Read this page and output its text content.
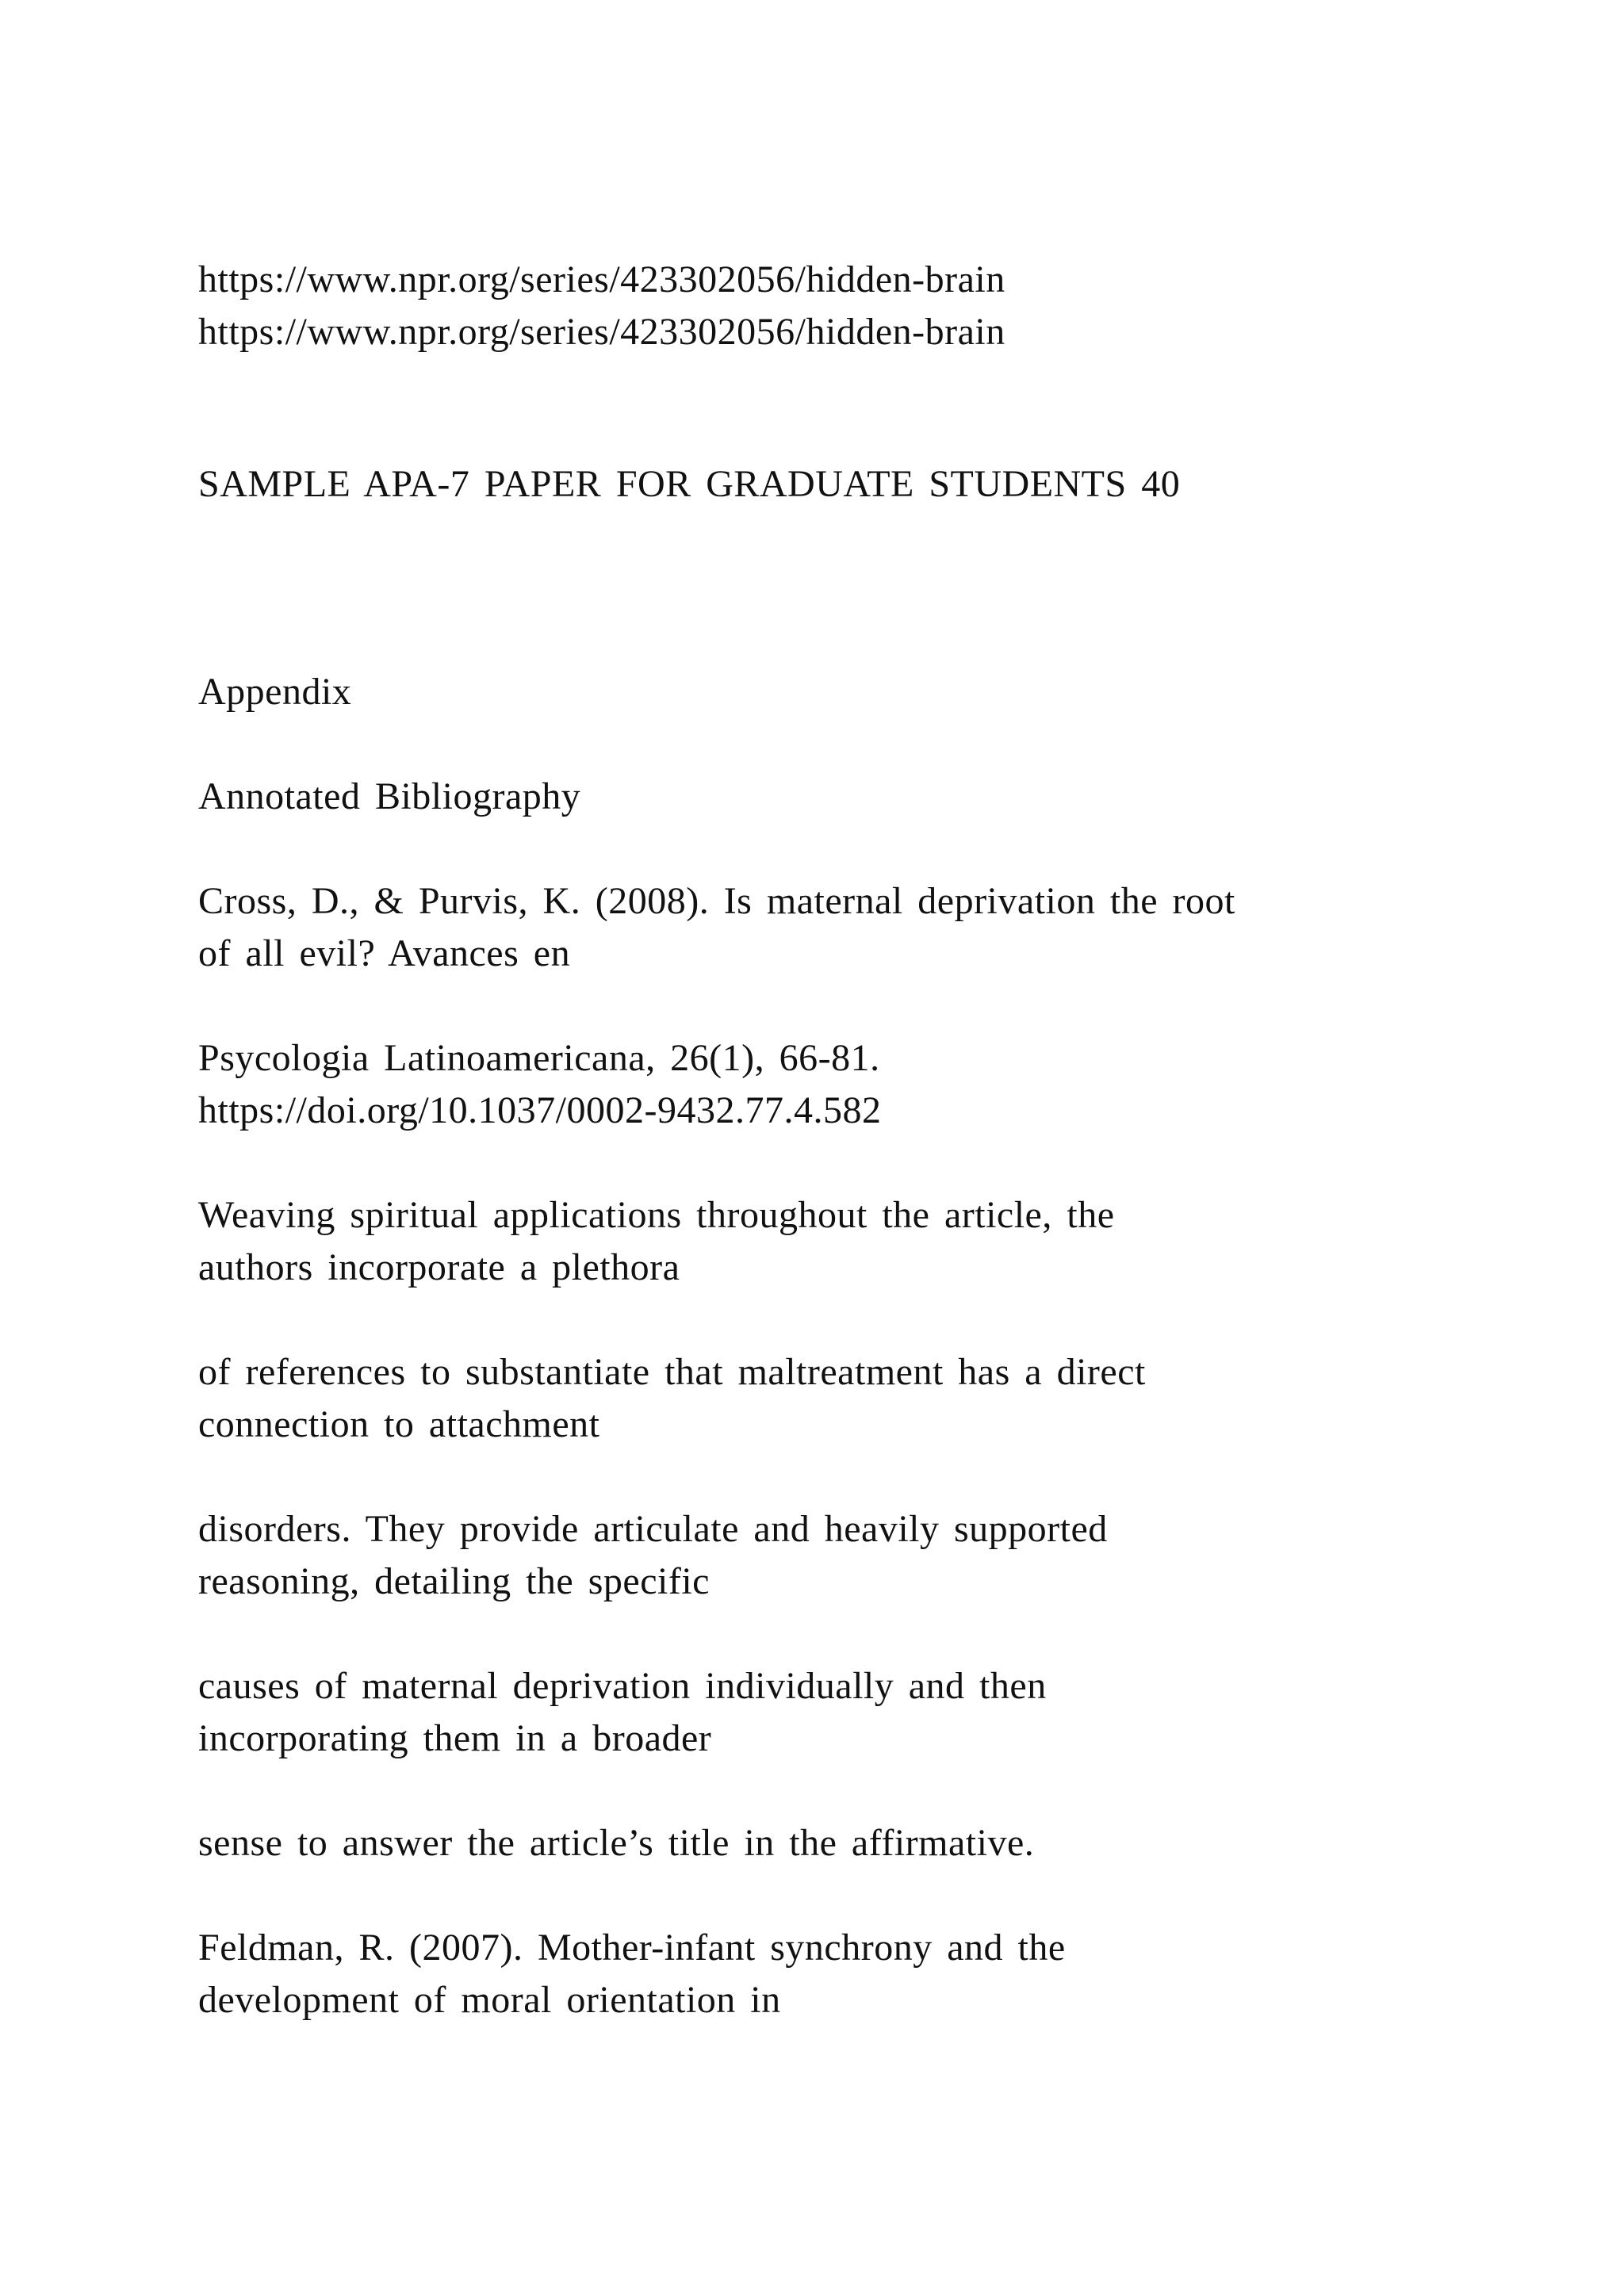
https://www.npr.org/series/423302056/hidden-brain
https://www.npr.org/series/423302056/hidden-brain
SAMPLE APA-7 PAPER FOR GRADUATE STUDENTS 40
Appendix
Annotated Bibliography
Cross, D., & Purvis, K. (2008). Is maternal deprivation the root
of all evil? Avances en
Psycologia Latinoamericana, 26(1), 66-81.
https://doi.org/10.1037/0002-9432.77.4.582
Weaving spiritual applications throughout the article, the
authors incorporate a plethora
of references to substantiate that maltreatment has a direct
connection to attachment
disorders. They provide articulate and heavily supported
reasoning, detailing the specific
causes of maternal deprivation individually and then
incorporating them in a broader
sense to answer the article’s title in the affirmative.
Feldman, R. (2007). Mother-infant synchrony and the
development of moral orientation in
